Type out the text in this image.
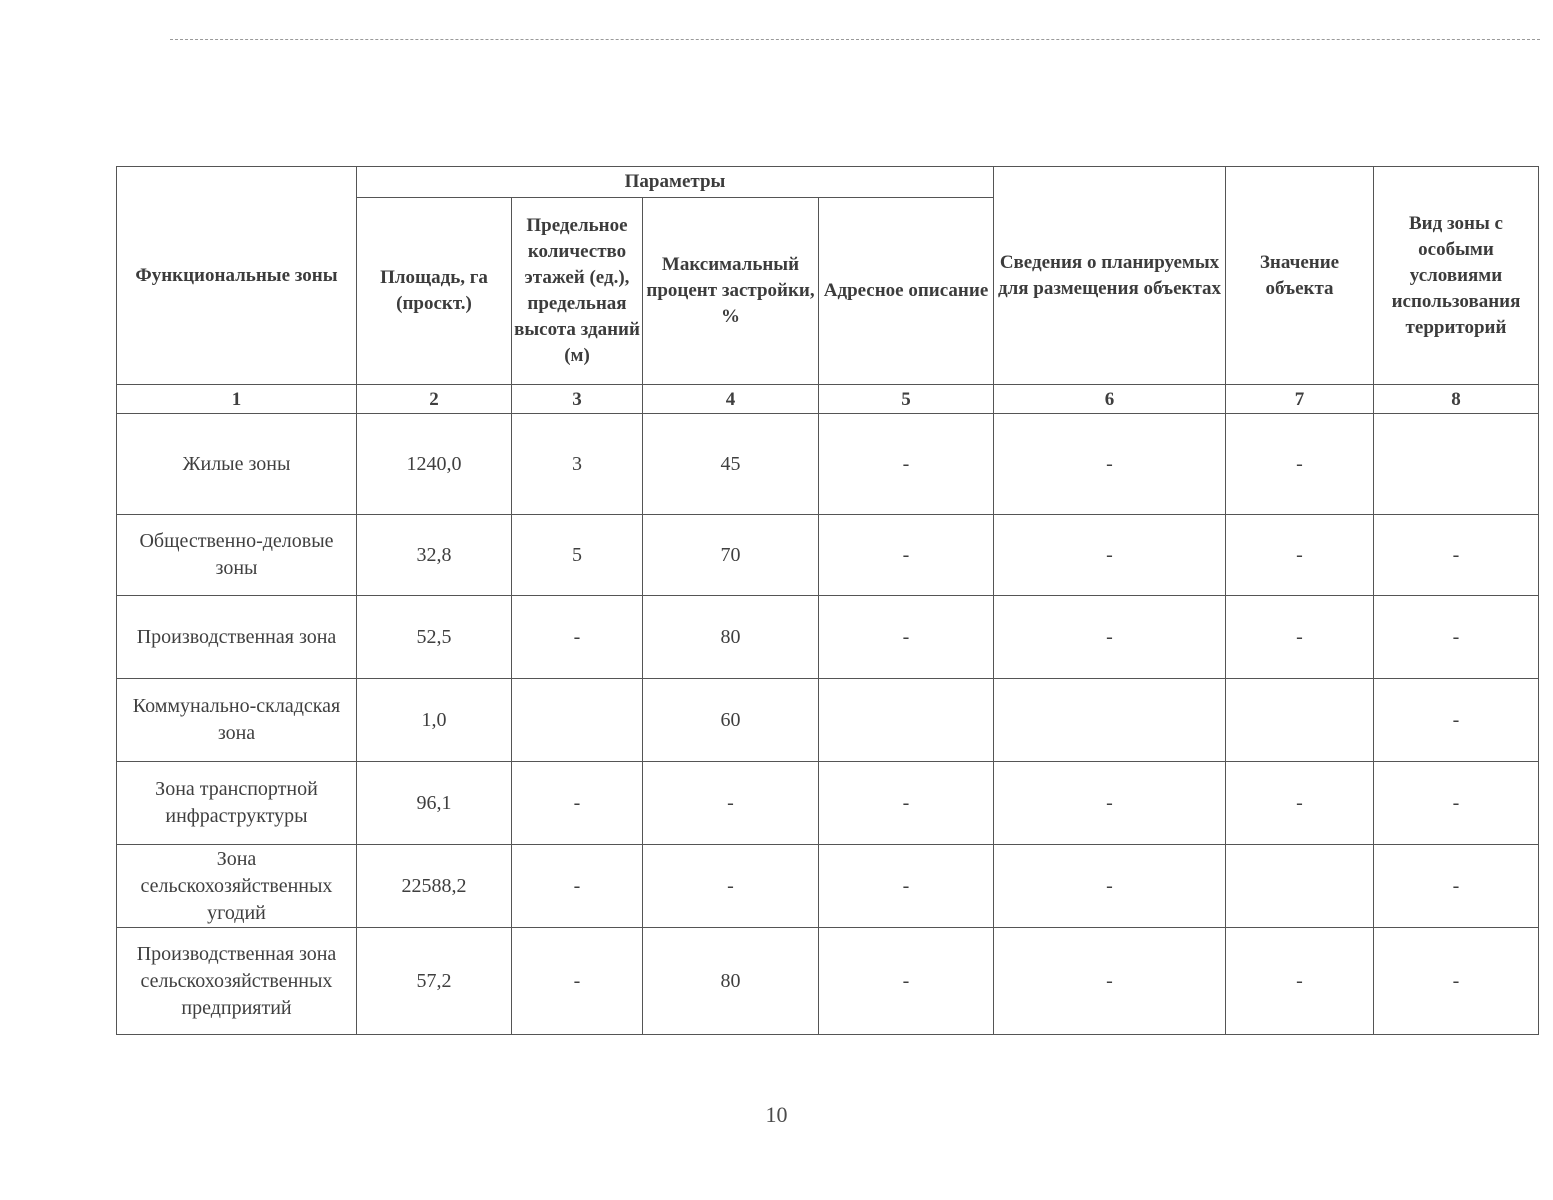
Функциональные зоны	Параметры				Сведения о планируемых для размещения объектах	Значение объекта	Вид зоны с особыми условиями использования территорий
	Площадь, га (проскт.)	Предельное количество этажей (ед.), предельная высота зданий (м)	Максимальный процент застройки, %	Адресное описание			
1	2	3	4	5	6	7	8
Жилые зоны	1240,0	3	45	-	-	-	
Общественно-деловые зоны	32,8	5	70	-	-	-	-
Производственная зона	52,5	-	80	-	-	-	-
Коммунально-складская зона	1,0		60				-
Зона транспортной инфраструктуры	96,1	-	-	-	-	-	-
Зона сельскохозяйственных угодий	22588,2	-	-	-	-		-
Производственная зона сельскохозяйственных предприятий	57,2	-	80	-	-	-	-
10
